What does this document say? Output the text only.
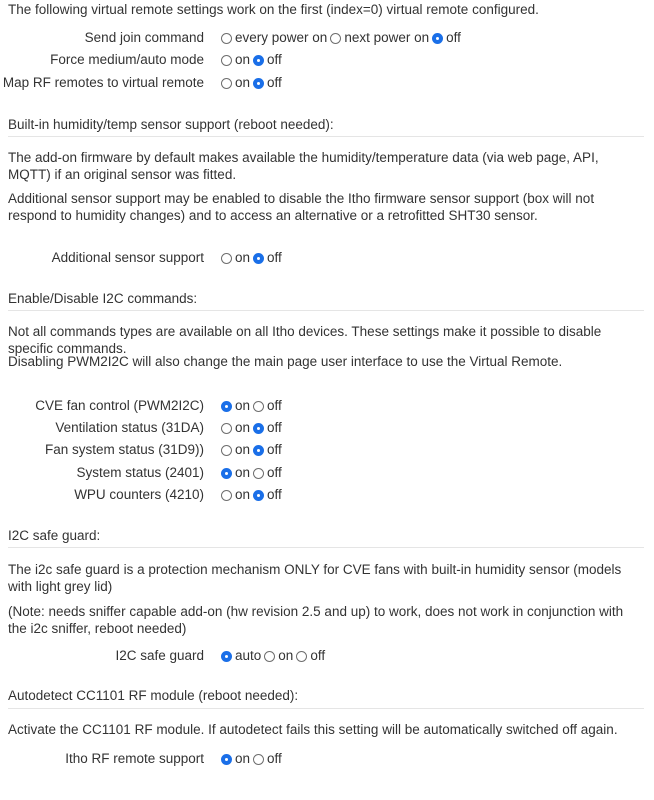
The following virtual remote settings work on the first (index=0) virtual remote configured.

Send join command every power on next power on off
Force medium/auto mode on off
Map RF remotes to virtual remote on off
Built-in humidity/temp sensor support (reboot needed):

The add-on firmware by default makes available the humidity/temperature data (via web page, API, MQTT) if an original sensor was fitted.

Additional sensor support may be enabled to disable the Itho firmware sensor support (box will not respond to humidity changes) and to access an alternative or a retrofitted SHT30 sensor.

Additional sensor support on off
Enable/Disable I2C commands:

Not all commands types are available on all Itho devices. These settings make it possible to disable specific commands.

Disabling PWM2I2C will also change the main page user interface to use the Virtual Remote.

CVE fan control (PWM2I2C) on off
Ventilation status (31DA) on off
Fan system status (31D9)) on off
System status (2401) on off
WPU counters (4210) on off
I2C safe guard:

The i2c safe guard is a protection mechanism ONLY for CVE fans with built-in humidity sensor (models with light grey lid)

(Note: needs sniffer capable add-on (hw revision 2.5 and up) to work, does not work in conjunction with the i2c sniffer, reboot needed)

I2C safe guard auto on off
Autodetect CC1101 RF module (reboot needed):

Activate the CC1101 RF module. If autodetect fails this setting will be automatically switched off again.

Itho RF remote support on off
